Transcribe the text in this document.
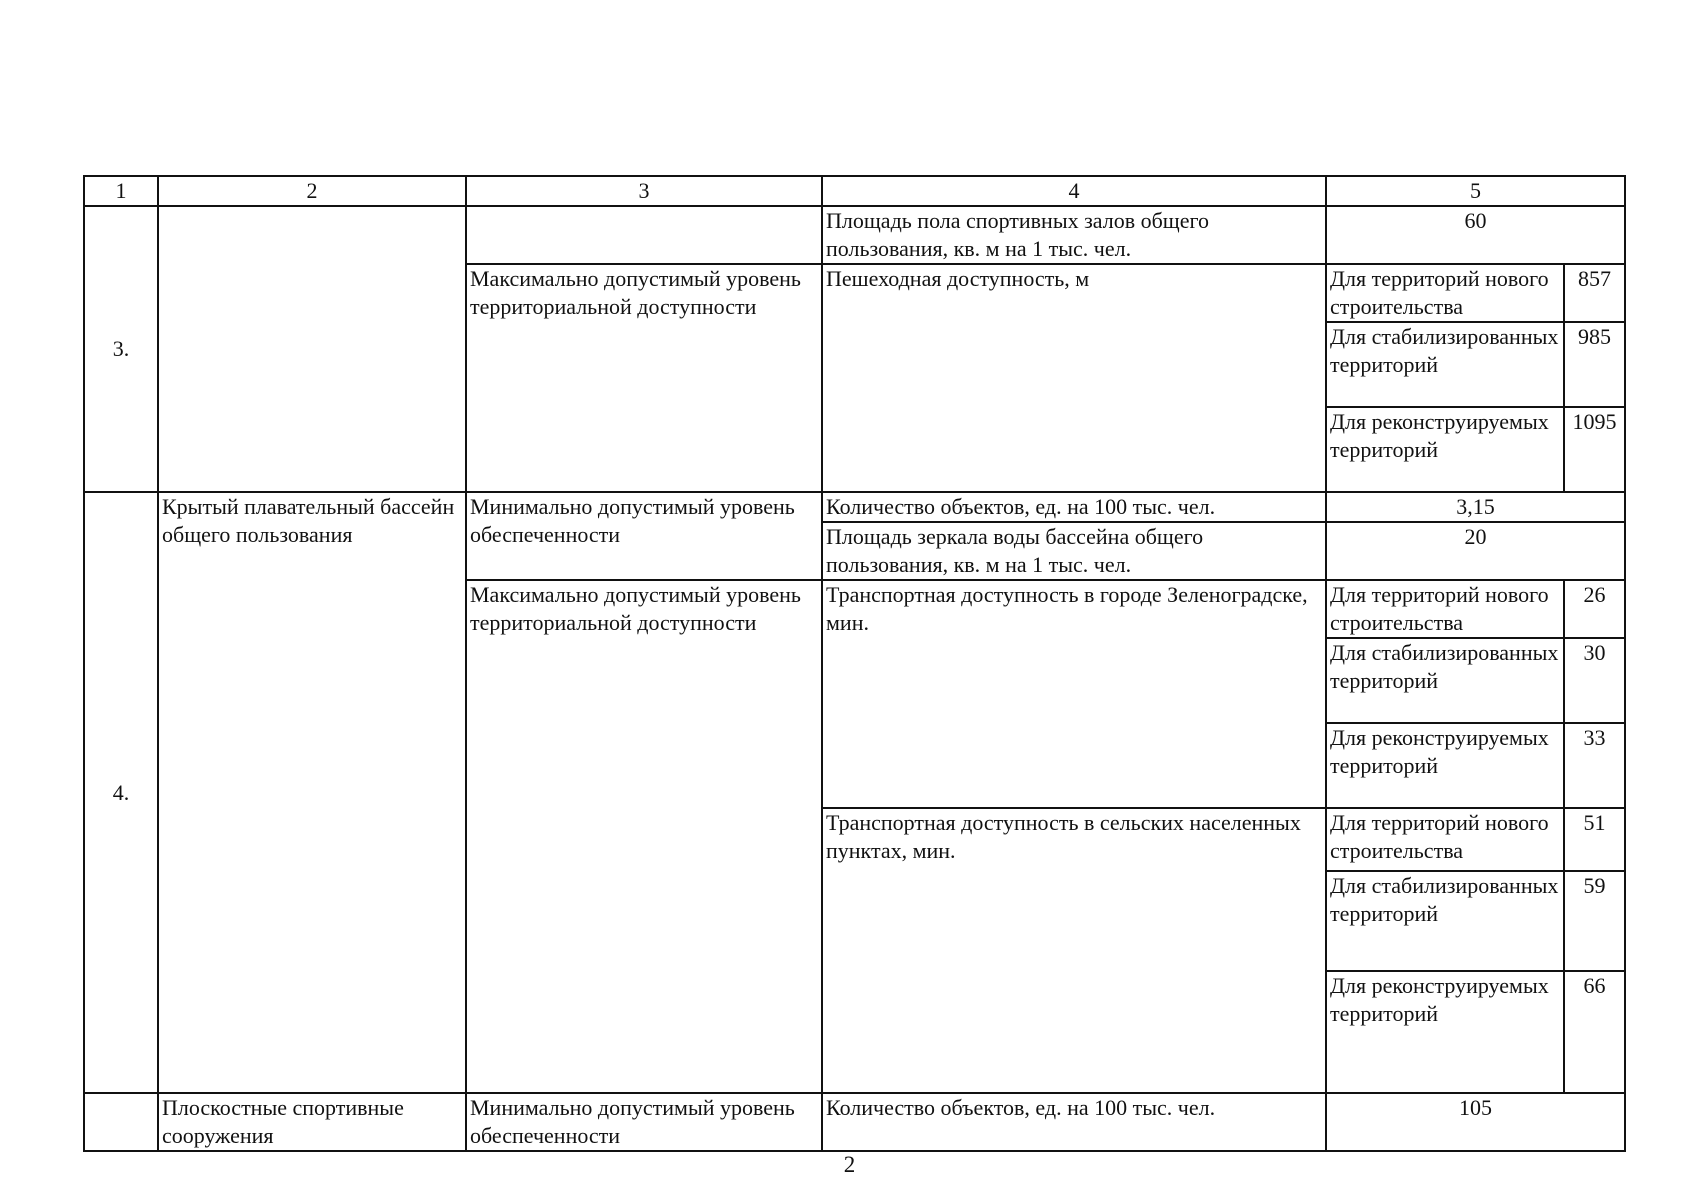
1	2	3	4	5	
3.			Площадь пола спортивных залов общего пользования, кв. м на 1 тыс. чел.	60	
		Максимально допустимый уровень территориальной доступности	Пешеходная доступность, м	Для территорий нового строительства	857
				Для стабилизированных территорий	985
				Для реконструируемых территорий	1095
4.	Крытый плавательный бассейн общего пользования	Минимально допустимый уровень обеспеченности	Количество объектов, ед. на 100 тыс. чел.	3,15	
			Площадь зеркала воды бассейна общего пользования, кв. м на 1 тыс. чел.	20	
		Максимально допустимый уровень территориальной доступности	Транспортная доступность в городе Зеленоградске, мин.	Для территорий нового строительства	26
				Для стабилизированных территорий	30
				Для реконструируемых территорий	33
			Транспортная доступность в сельских населенных пунктах, мин.	Для территорий нового строительства	51
				Для стабилизированных территорий	59
				Для реконструируемых территорий	66
	Плоскостные спортивные сооружения	Минимально допустимый уровень обеспеченности	Количество объектов, ед. на 100 тыс. чел.	105	
2
